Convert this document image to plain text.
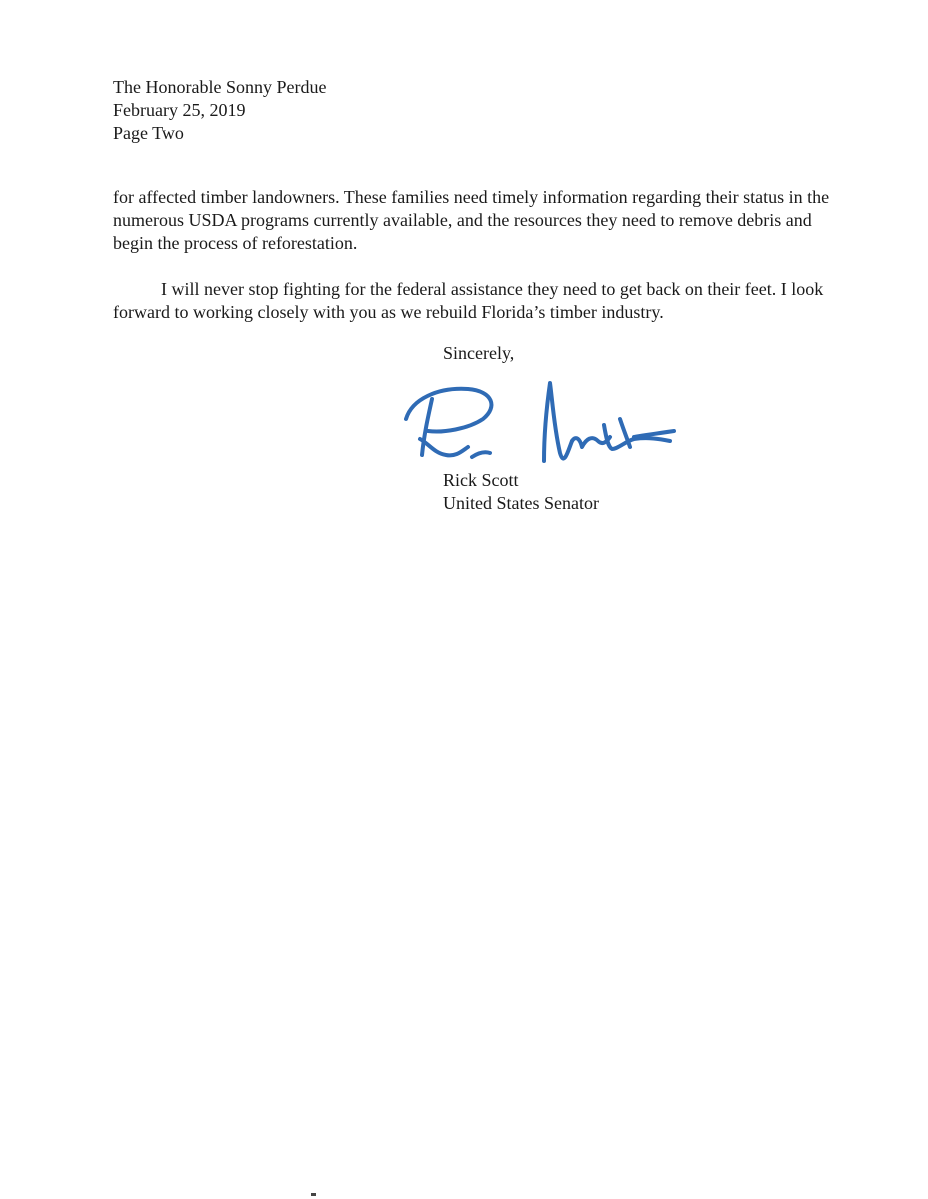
The Honorable Sonny Perdue
February 25, 2019
Page Two

for affected timber landowners. These families need timely information regarding their status in the numerous USDA programs currently available, and the resources they need to remove debris and begin the process of reforestation.

I will never stop fighting for the federal assistance they need to get back on their feet. I look forward to working closely with you as we rebuild Florida’s timber industry.

Sincerely,
Rick Scott
United States Senator
